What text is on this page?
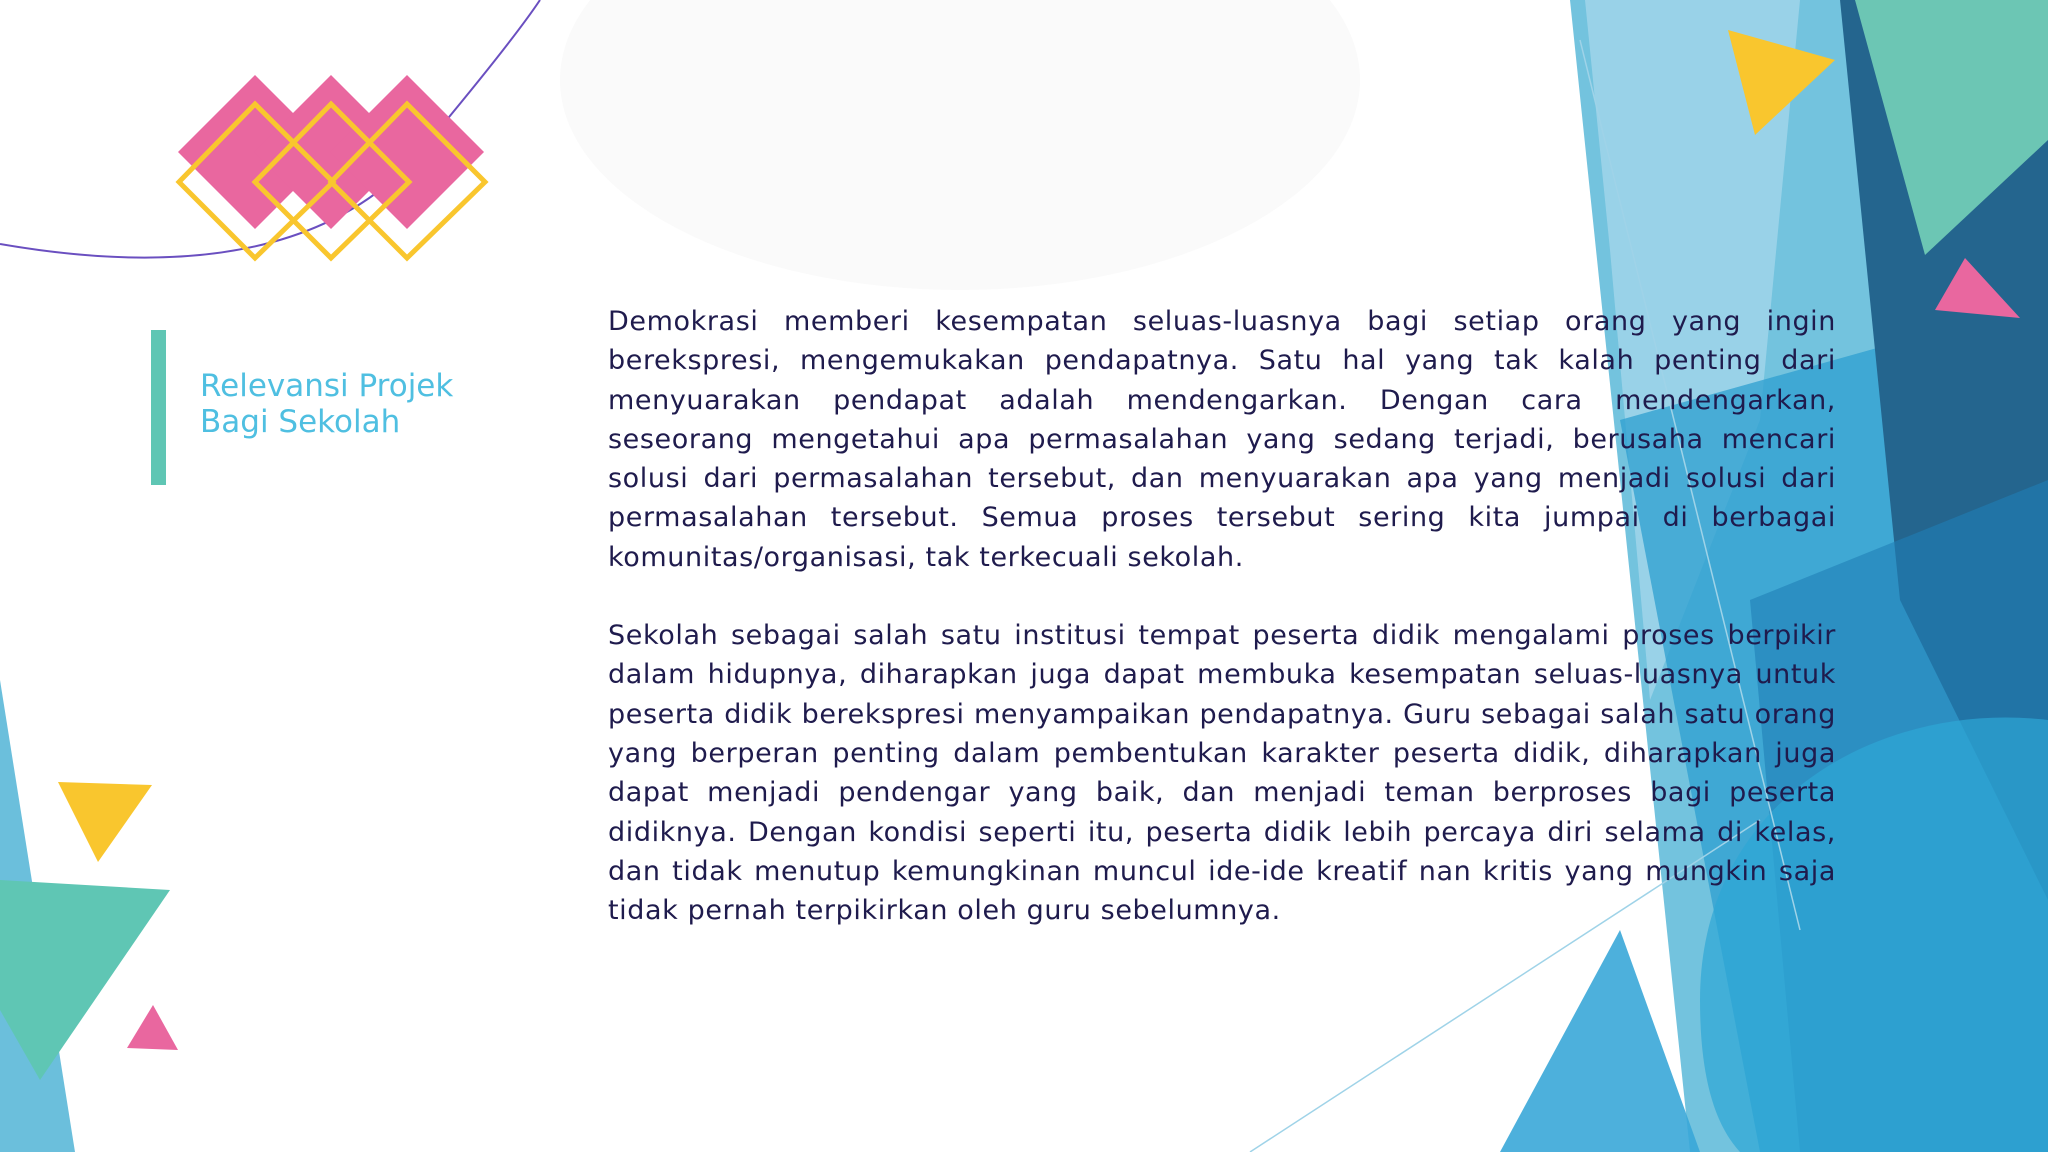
Relevansi Projek
Bagi Sekolah

Demokrasi memberi kesempatan seluas-luasnya bagi setiap orang yang ingin berekspresi, mengemukakan pendapatnya. Satu hal yang tak kalah penting dari menyuarakan pendapat adalah mendengarkan. Dengan cara mendengarkan, seseorang mengetahui apa permasalahan yang sedang terjadi, berusaha mencari solusi dari permasalahan tersebut, dan menyuarakan apa yang menjadi solusi dari permasalahan tersebut. Semua proses tersebut sering kita jumpai di berbagai komunitas/organisasi, tak terkecuali sekolah.

Sekolah sebagai salah satu institusi tempat peserta didik mengalami proses berpikir dalam hidupnya, diharapkan juga dapat membuka kesempatan seluas-luasnya untuk peserta didik berekspresi menyampaikan pendapatnya. Guru sebagai salah satu orang yang berperan penting dalam pembentukan karakter peserta didik, diharapkan juga dapat menjadi pendengar yang baik, dan menjadi teman berproses bagi peserta didiknya. Dengan kondisi seperti itu, peserta didik lebih percaya diri selama di kelas, dan tidak menutup kemungkinan muncul ide-ide kreatif nan kritis yang mungkin saja tidak pernah terpikirkan oleh guru sebelumnya.
